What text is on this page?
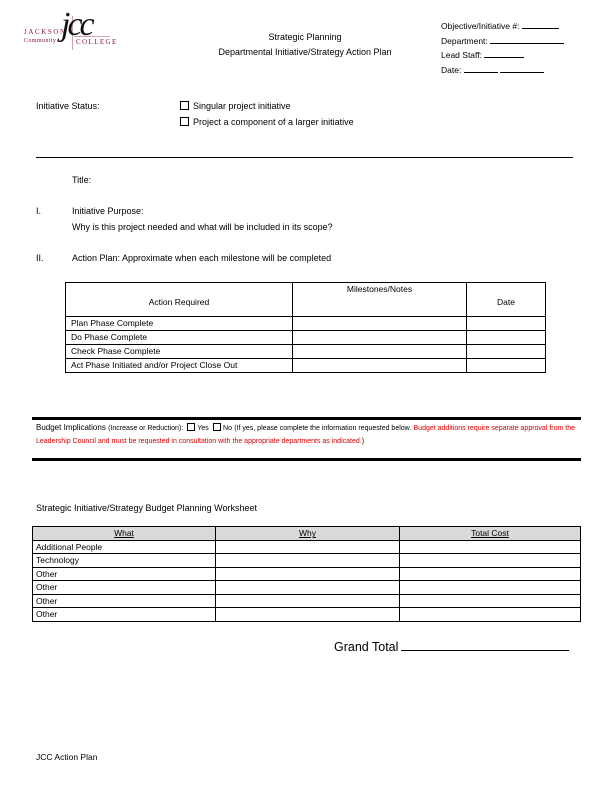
JACKSON
Community jcc
COLLEGE	Strategic Planning
Departmental Initiative/Strategy Action Plan
Objective/Initiative #:
Department:
Lead Staff:
Date:
Initiative Status:	Singular project initiative
Project a component of a larger initiative
Title:
I.	Initiative Purpose:
Why is this project needed and what will be included in its scope?
II.	Action Plan: Approximate when each milestone will be completed
Action Required	Milestones/Notes	Date
Plan Phase Complete		
Do Phase Complete		
Check Phase Complete		
Act Phase Initiated and/or Project Close Out		
Budget Implications (Increase or Reduction): Yes No (If yes, please complete the information requested below. Budget additions require separate approval from the Leadership Council and must be requested in consultation with the appropriate departments as indicated.)
Strategic Initiative/Strategy Budget Planning Worksheet
What	Why	Total Cost
Additional People		
Technology		
Other		
Other		
Other		
Other		
Grand Total
JCC Action Plan
